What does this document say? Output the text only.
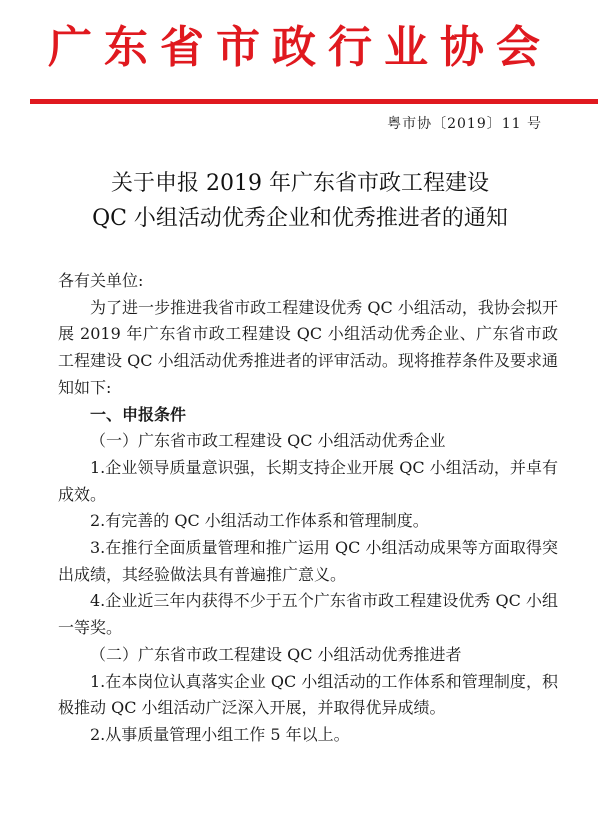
广东省市政行业协会
粤市协〔2019〕11 号
关于申报 2019 年广东省市政工程建设
QC 小组活动优秀企业和优秀推进者的通知

各有关单位:

为了进一步推进我省市政工程建设优秀 QC 小组活动，我协会拟开展 2019 年广东省市政工程建设 QC 小组活动优秀企业、广东省市政工程建设 QC 小组活动优秀推进者的评审活动。现将推荐条件及要求通知如下:

一、申报条件

（一）广东省市政工程建设 QC 小组活动优秀企业

1.企业领导质量意识强，长期支持企业开展 QC 小组活动，并卓有成效。

2.有完善的 QC 小组活动工作体系和管理制度。

3.在推行全面质量管理和推广运用 QC 小组活动成果等方面取得突出成绩，其经验做法具有普遍推广意义。

4.企业近三年内获得不少于五个广东省市政工程建设优秀 QC 小组一等奖。

（二）广东省市政工程建设 QC 小组活动优秀推进者

1.在本岗位认真落实企业 QC 小组活动的工作体系和管理制度，积极推动 QC 小组活动广泛深入开展，并取得优异成绩。

2.从事质量管理小组工作 5 年以上。
